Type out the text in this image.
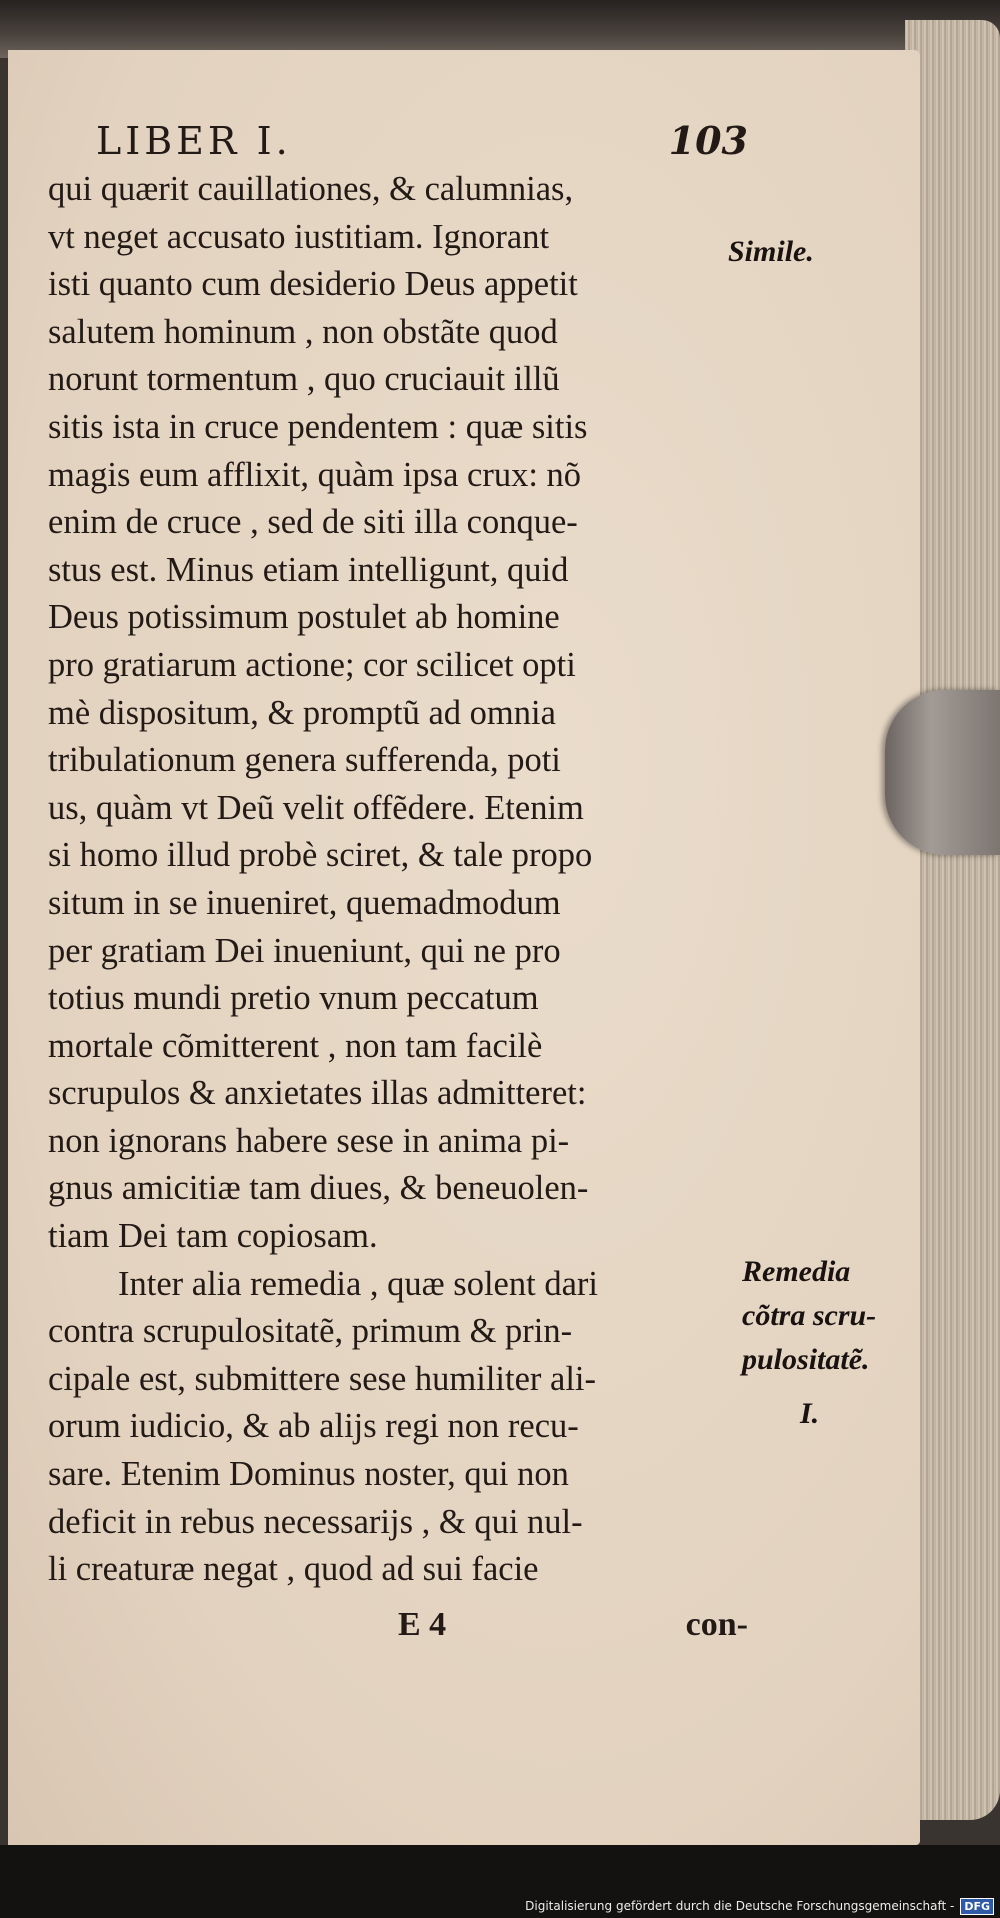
LIBER I.	103
qui quærit cauillationes, & calumnias,
vt neget accusato iustitiam. Ignorant
isti quanto cum desiderio Deus appetit
salutem hominum , non obstãte quod
norunt tormentum , quo cruciauit illũ
sitis ista in cruce pendentem : quæ sitis
magis eum afflixit, quàm ipsa crux: nõ
enim de cruce , sed de siti illa conque-
stus est. Minus etiam intelligunt, quid
Deus potissimum postulet ab homine
pro gratiarum actione; cor scilicet opti
mè dispositum, & promptũ ad omnia
tribulationum genera sufferenda, poti
us, quàm vt Deũ velit offẽdere. Etenim
si homo illud probè sciret, & tale propo
situm in se inueniret, quemadmodum
per gratiam Dei inueniunt, qui ne pro
totius mundi pretio vnum peccatum
mortale cõmitterent , non tam facilè
scrupulos & anxietates illas admitteret:
non ignorans habere sese in anima pi-
gnus amicitiæ tam diues, & beneuolen-
tiam Dei tam copiosam.
Inter alia remedia , quæ solent dari
contra scrupulositatẽ, primum & prin-
cipale est, submittere sese humiliter ali-
orum iudicio, & ab alijs regi non recu-
sare. Etenim Dominus noster, qui non
deficit in rebus necessarijs , & qui nul-
li creaturæ negat , quod ad sui facie
E 4	con-
Simile.
Remedia
cõtra scru-
pulositatẽ.
I.
Digitalisierung gefördert durch die Deutsche Forschungsgemeinschaft - DFG
